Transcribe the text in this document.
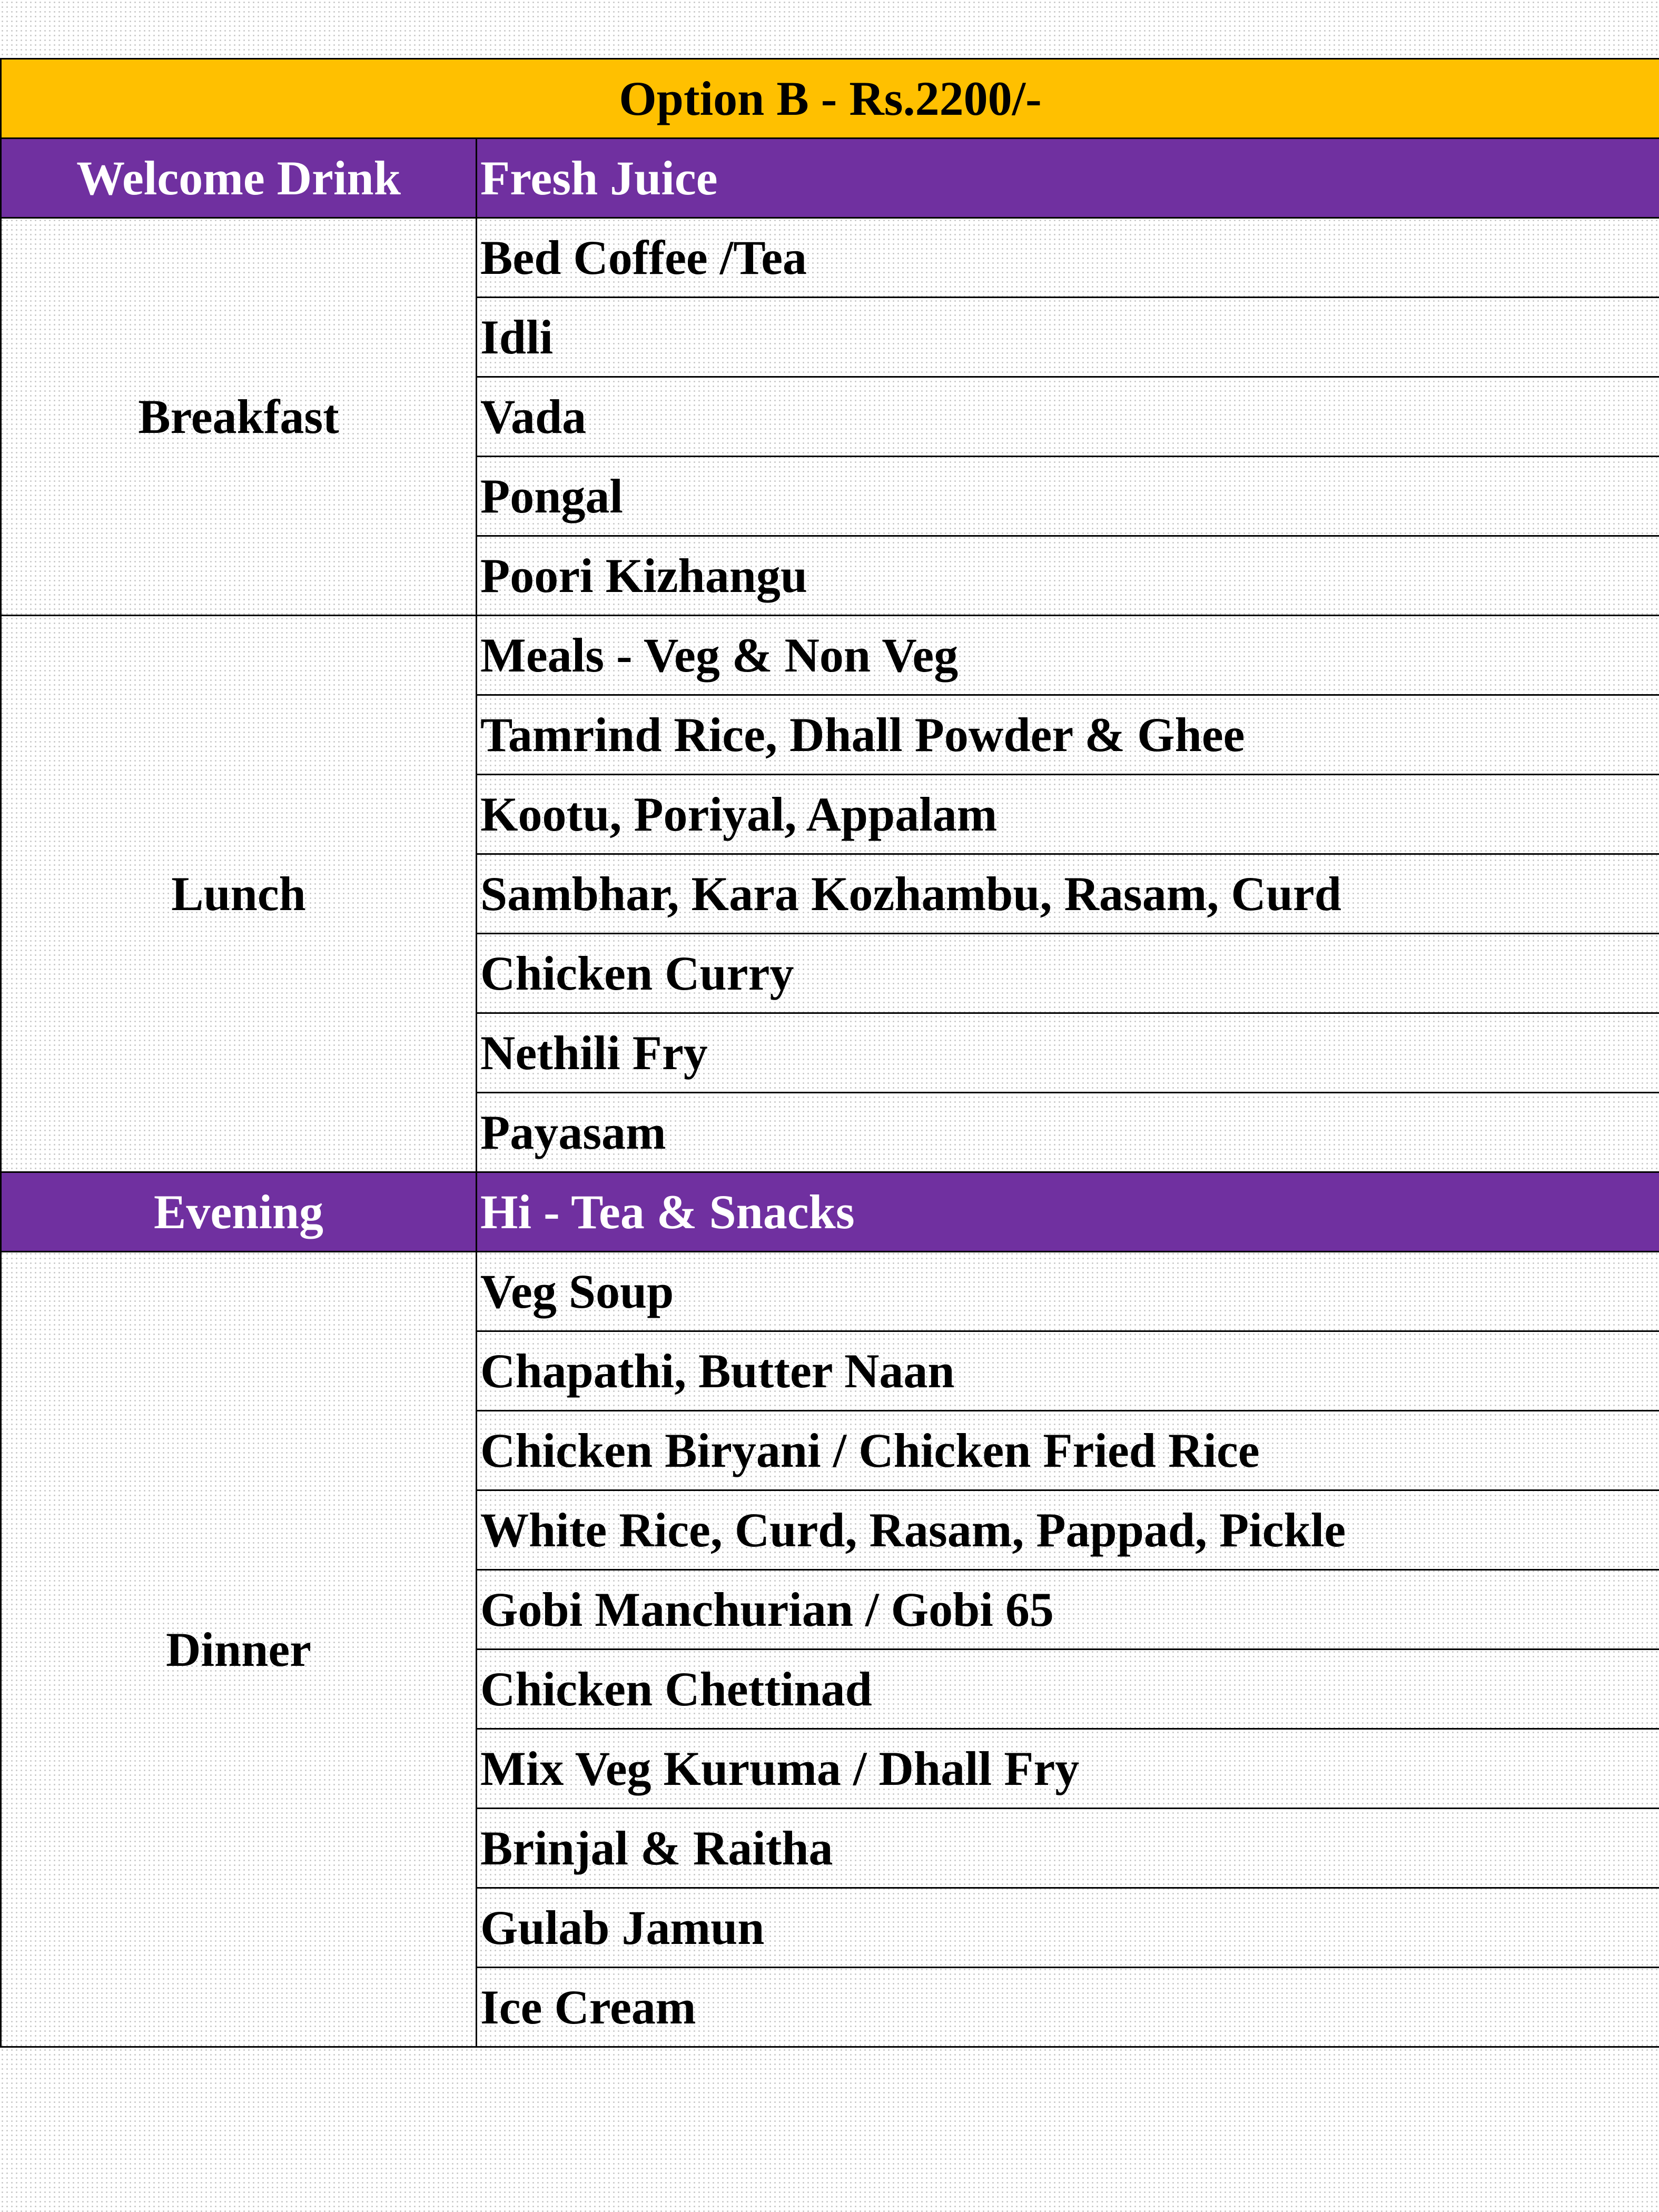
Option B - Rs.2200/-	
Welcome Drink	Fresh Juice
Breakfast	Bed Coffee /Tea
	Idli
	Vada
	Pongal
	Poori Kizhangu
Lunch	Meals - Veg & Non Veg
	Tamrind Rice, Dhall Powder & Ghee
	Kootu, Poriyal, Appalam
	Sambhar, Kara Kozhambu, Rasam, Curd
	Chicken Curry
	Nethili Fry
	Payasam
Evening	Hi - Tea & Snacks
Dinner	Veg Soup
	Chapathi, Butter Naan
	Chicken Biryani / Chicken Fried Rice
	White Rice, Curd, Rasam, Pappad, Pickle
	Gobi Manchurian / Gobi 65
	Chicken Chettinad
	Mix Veg Kuruma / Dhall Fry
	Brinjal & Raitha
	Gulab Jamun
	Ice Cream
